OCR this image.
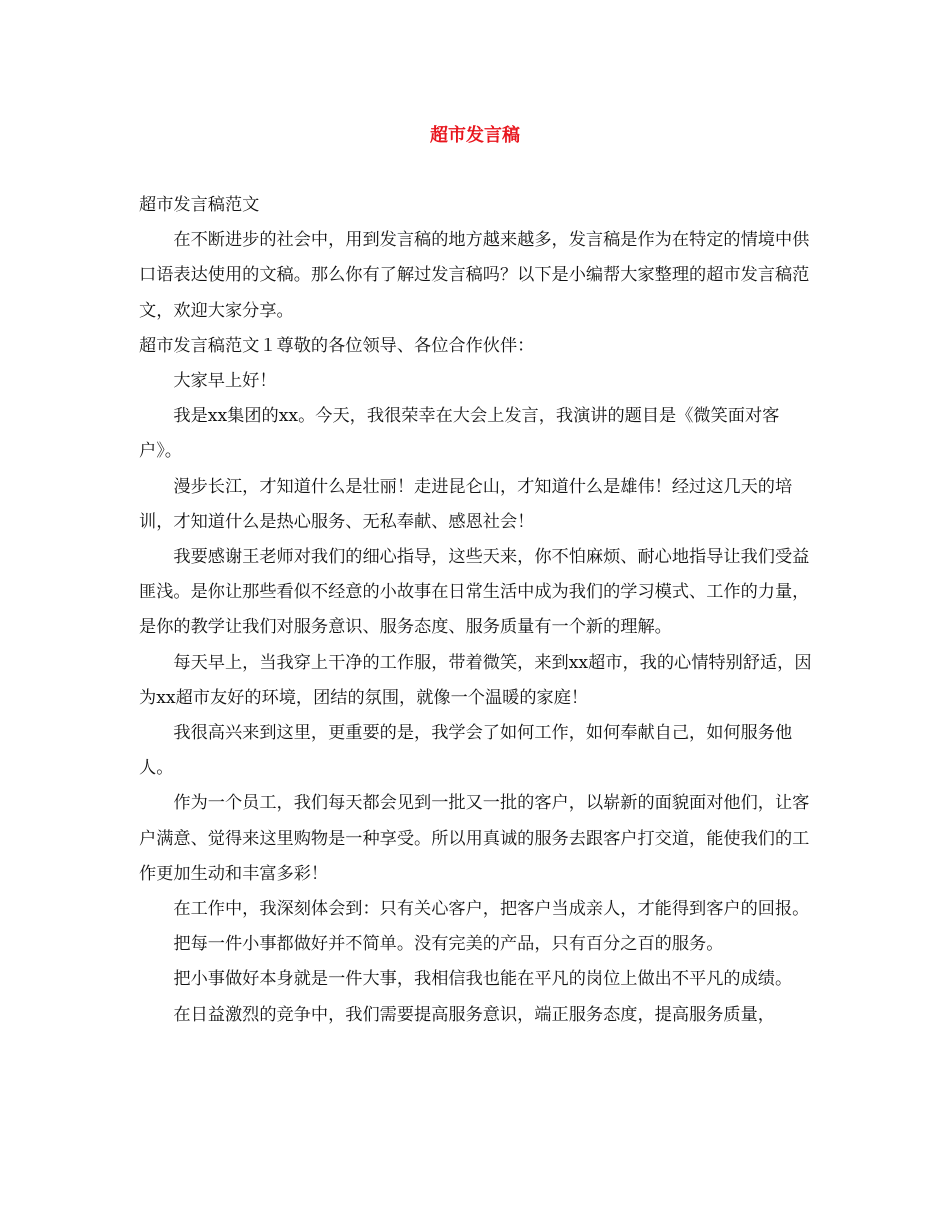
超市发言稿

超市发言稿范文

在不断进步的社会中，用到发言稿的地方越来越多，发言稿是作为在特定的情境中供口语表达使用的文稿。那么你有了解过发言稿吗？以下是小编帮大家整理的超市发言稿范文，欢迎大家分享。

超市发言稿范文１尊敬的各位领导、各位合作伙伴：

大家早上好！

我是xx集团的xx。今天，我很荣幸在大会上发言，我演讲的题目是《微笑面对客户》。

漫步长江，才知道什么是壮丽！走进昆仑山，才知道什么是雄伟！经过这几天的培训，才知道什么是热心服务、无私奉献、感恩社会！

我要感谢王老师对我们的细心指导，这些天来，你不怕麻烦、耐心地指导让我们受益匪浅。是你让那些看似不经意的小故事在日常生活中成为我们的学习模式、工作的力量，是你的教学让我们对服务意识、服务态度、服务质量有一个新的理解。

每天早上，当我穿上干净的工作服，带着微笑，来到xx超市，我的心情特别舒适，因为xx超市友好的环境，团结的氛围，就像一个温暖的家庭！

我很高兴来到这里，更重要的是，我学会了如何工作，如何奉献自己，如何服务他人。

作为一个员工，我们每天都会见到一批又一批的客户，以崭新的面貌面对他们，让客户满意、觉得来这里购物是一种享受。所以用真诚的服务去跟客户打交道，能使我们的工作更加生动和丰富多彩！

在工作中，我深刻体会到：只有关心客户，把客户当成亲人，才能得到客户的回报。

把每一件小事都做好并不简单。没有完美的产品，只有百分之百的服务。

把小事做好本身就是一件大事，我相信我也能在平凡的岗位上做出不平凡的成绩。

在日益激烈的竞争中，我们需要提高服务意识，端正服务态度，提高服务质量，
